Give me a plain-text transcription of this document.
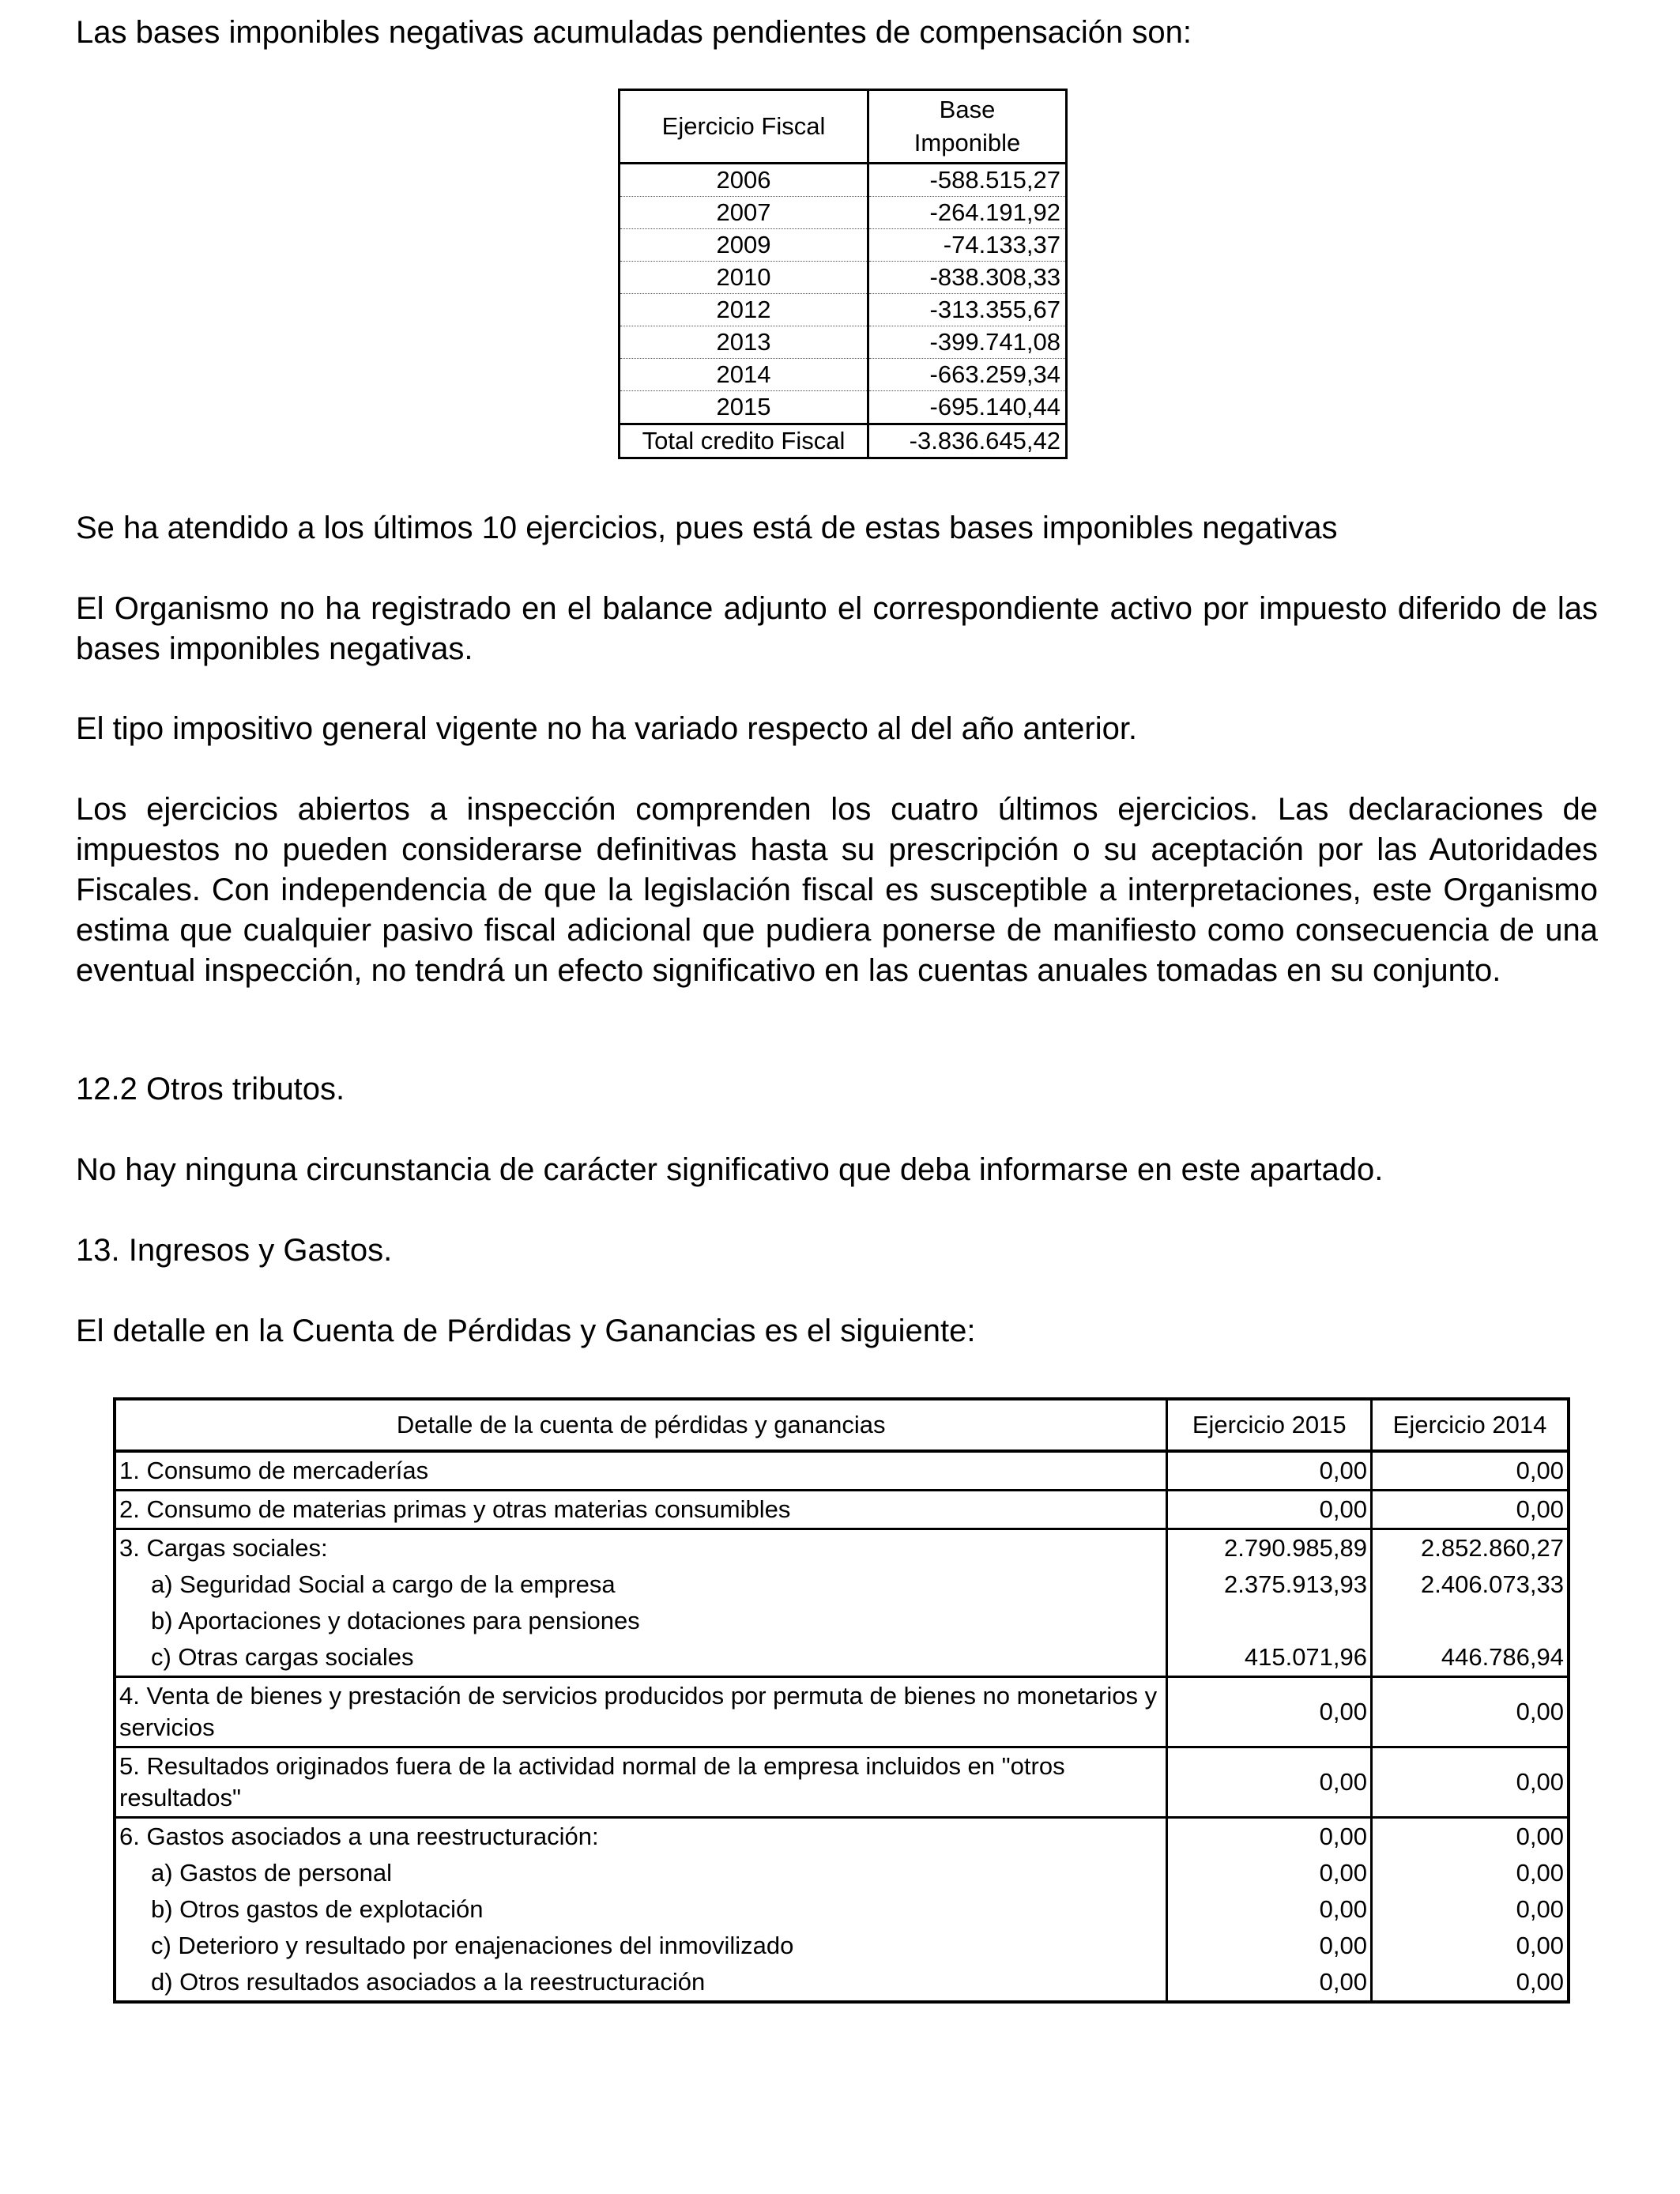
Las bases imponibles negativas acumuladas pendientes de compensación son:

Se ha atendido a los últimos 10 ejercicios, pues está de estas bases imponibles negativas

El Organismo no ha registrado en el balance adjunto el correspondiente activo por impuesto diferido de las bases imponibles negativas.

El tipo impositivo general vigente no ha variado respecto al del año anterior.

Los ejercicios abiertos a inspección comprenden los cuatro últimos ejercicios. Las declaraciones de impuestos no pueden considerarse definitivas hasta su prescripción o su aceptación por las Autoridades Fiscales. Con independencia de que la legislación fiscal es susceptible a interpretaciones, este Organismo estima que cualquier pasivo fiscal adicional que pudiera ponerse de manifiesto como consecuencia de una eventual inspección, no tendrá un efecto significativo en las cuentas anuales tomadas en su conjunto.

12.2 Otros tributos.

No hay ninguna circunstancia de carácter significativo que deba informarse en este apartado.

13. Ingresos y Gastos.

El detalle en la Cuenta de Pérdidas y Ganancias es el siguiente:

Ejercicio Fiscal	Base
Imponible
2006	-588.515,27
2007	-264.191,92
2009	-74.133,37
2010	-838.308,33
2012	-313.355,67
2013	-399.741,08
2014	-663.259,34
2015	-695.140,44
Total credito Fiscal	-3.836.645,42
Detalle de la cuenta de pérdidas y ganancias	Ejercicio 2015	Ejercicio 2014
1. Consumo de mercaderías	0,00	0,00
2. Consumo de materias primas y otras materias consumibles	0,00	0,00
3. Cargas sociales:	2.790.985,89	2.852.860,27
a) Seguridad Social a cargo de la empresa	2.375.913,93	2.406.073,33
b) Aportaciones y dotaciones para pensiones		
c) Otras cargas sociales	415.071,96	446.786,94
4. Venta de bienes y prestación de servicios producidos por permuta de bienes no monetarios y servicios	0,00	0,00
5. Resultados originados fuera de la actividad normal de la empresa incluidos en "otros resultados"	0,00	0,00
6. Gastos asociados a una reestructuración:	0,00	0,00
a) Gastos de personal	0,00	0,00
b) Otros gastos de explotación	0,00	0,00
c) Deterioro y resultado por enajenaciones del inmovilizado	0,00	0,00
d) Otros resultados asociados a la reestructuración	0,00	0,00
